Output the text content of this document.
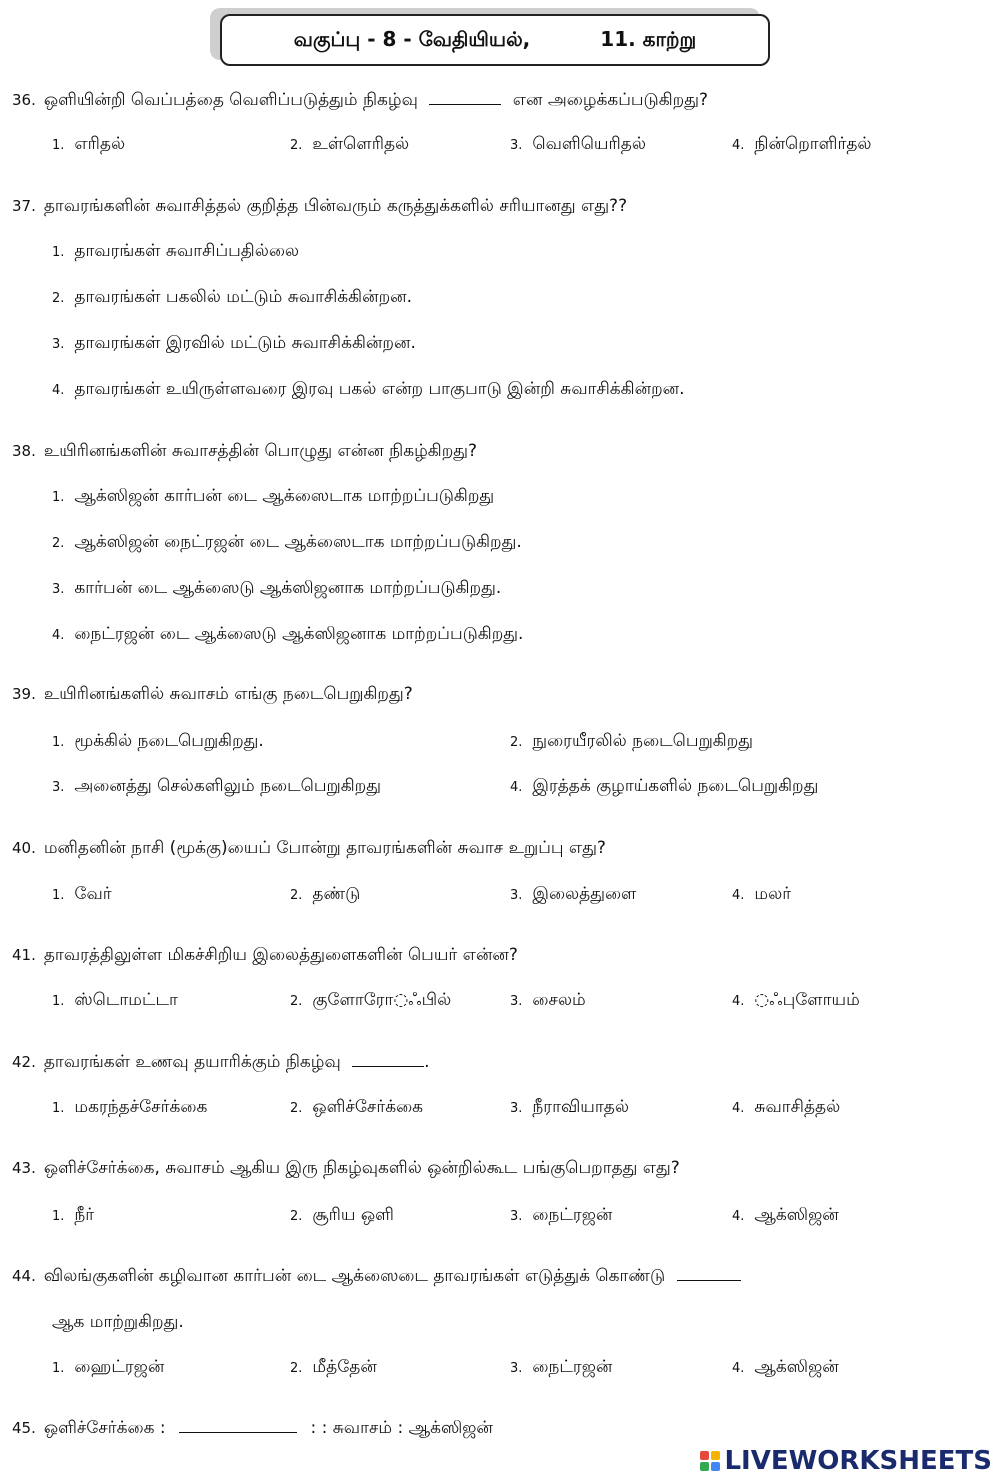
வகுப்பு - 8 - வேதியியல்,	11. காற்று
36. ஒளியின்றி வெப்பத்தை வெளிப்படுத்தும் நிகழ்வு	என அழைக்கப்படுகிறது?
1. எரிதல்	2. உள்ளெரிதல்	3. வெளியெரிதல்	4. நின்றொளிர்தல்
37. தாவரங்களின் சுவாசித்தல் குறித்த பின்வரும் கருத்துக்களில் சரியானது எது??
1. தாவரங்கள் சுவாசிப்பதில்லை
2. தாவரங்கள் பகலில் மட்டும் சுவாசிக்கின்றன.
3. தாவரங்கள் இரவில் மட்டும் சுவாசிக்கின்றன.
4. தாவரங்கள் உயிருள்ளவரை இரவு பகல் என்ற பாகுபாடு இன்றி சுவாசிக்கின்றன.
38. உயிரினங்களின் சுவாசத்தின் பொழுது என்ன நிகழ்கிறது?
1. ஆக்ஸிஜன் கார்பன் டை ஆக்ஸைடாக மாற்றப்படுகிறது
2. ஆக்ஸிஜன் நைட்ரஜன் டை ஆக்ஸைடாக மாற்றப்படுகிறது.
3. கார்பன் டை ஆக்ஸைடு ஆக்ஸிஜனாக மாற்றப்படுகிறது.
4. நைட்ரஜன் டை ஆக்ஸைடு ஆக்ஸிஜனாக மாற்றப்படுகிறது.
39. உயிரினங்களில் சுவாசம் எங்கு நடைபெறுகிறது?
1. மூக்கில் நடைபெறுகிறது.	2. நுரையீரலில் நடைபெறுகிறது
3. அனைத்து செல்களிலும் நடைபெறுகிறது	4. இரத்தக் குழாய்களில் நடைபெறுகிறது
40. மனிதனின் நாசி (மூக்கு)யைப் போன்று தாவரங்களின் சுவாச உறுப்பு எது?
1. வேர்	2. தண்டு	3. இலைத்துளை	4. மலர்
41. தாவரத்திலுள்ள மிகச்சிறிய இலைத்துளைகளின் பெயர் என்ன?
1. ஸ்டொமட்டா	2. குளோரோ◌ஃபில்	3. சைலம்	4. ◌ஃபுளோயம்
42. தாவரங்கள் உணவு தயாரிக்கும் நிகழ்வு	.
1. மகரந்தச்சேர்க்கை	2. ஒளிச்சேர்க்கை	3. நீராவியாதல்	4. சுவாசித்தல்
43. ஒளிச்சேர்க்கை, சுவாசம் ஆகிய இரு நிகழ்வுகளில் ஒன்றில்கூட பங்குபெறாதது எது?
1. நீர்	2. சூரிய ஒளி	3. நைட்ரஜன்	4. ஆக்ஸிஜன்
44. விலங்குகளின் கழிவான கார்பன் டை ஆக்ஸைடை தாவரங்கள் எடுத்துக் கொண்டு
ஆக மாற்றுகிறது.
1. ஹைட்ரஜன்	2. மீத்தேன்	3. நைட்ரஜன்	4. ஆக்ஸிஜன்
45. ஒளிச்சேர்க்கை :	: : சுவாசம் : ஆக்ஸிஜன்
LIVEWORKSHEETS
